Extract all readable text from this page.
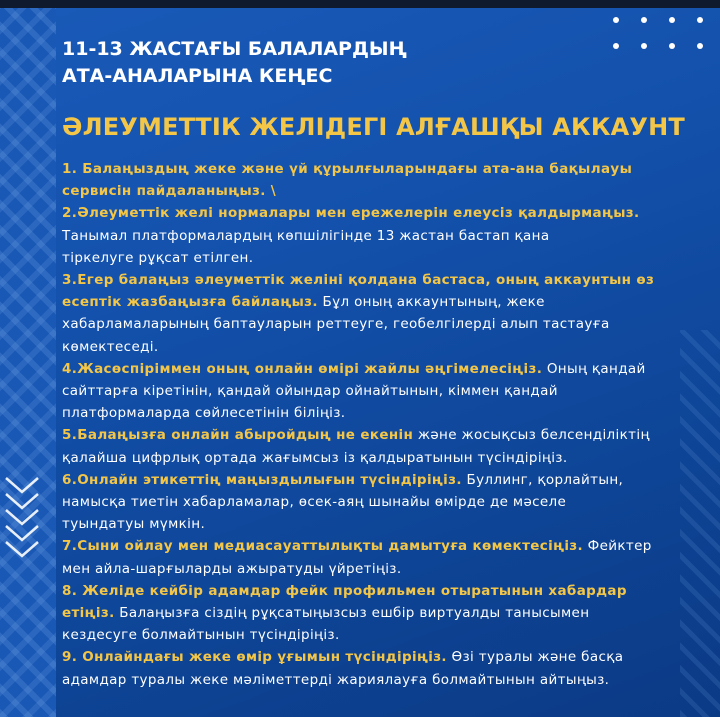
11-13 ЖАСТАҒЫ БАЛАЛАРДЫҢ
АТА-АНАЛАРЫНА КЕҢЕС
ӘЛЕУМЕТТІК ЖЕЛІДЕГІ АЛҒАШҚЫ АККАУНТ
1. Балаңыздың жеке және үй құрылғыларындағы ата-ана бақылауы
сервисін пайдаланыңыз. \
2.Әлеуметтік желі нормалары мен ережелерін елеусіз қалдырмаңыз.
Танымал платформалардың көпшілігінде 13 жастан бастап қана
тіркелуге рұқсат етілген.
3.Егер балаңыз әлеуметтік желіні қолдана бастаса, оның аккаунтын өз
есептік жазбаңызға байлаңыз. Бұл оның аккаунтының, жеке
хабарламаларының баптауларын реттеуге, геобелгілерді алып тастауға
көмектеседі.
4.Жасөспіріммен оның онлайн өмірі жайлы әңгімелесіңіз. Оның қандай
сайттарға кіретінін, қандай ойындар ойнайтынын, кіммен қандай
платформаларда сөйлесетінін біліңіз.
5.Балаңызға онлайн абыройдың не екенін және жосықсыз белсенділіктің
қалайша цифрлық ортада жағымсыз із қалдыратынын түсіндіріңіз.
6.Онлайн этикеттің маңыздылығын түсіндіріңіз. Буллинг, қорлайтын,
намысқа тиетін хабарламалар, өсек-аяң шынайы өмірде де мәселе
туындатуы мүмкін.
7.Сыни ойлау мен медиасауаттылықты дамытуға көмектесіңіз. Фейктер
мен айла-шарғыларды ажыратуды үйретіңіз.
8. Желіде кейбір адамдар фейк профильмен отыратынын хабардар
етіңіз. Балаңызға сіздің рұқсатыңызсыз ешбір виртуалды танысымен
кездесуге болмайтынын түсіндіріңіз.
9. Онлайндағы жеке өмір ұғымын түсіндіріңіз. Өзі туралы және басқа
адамдар туралы жеке мәліметтерді жариялауға болмайтынын айтыңыз.
